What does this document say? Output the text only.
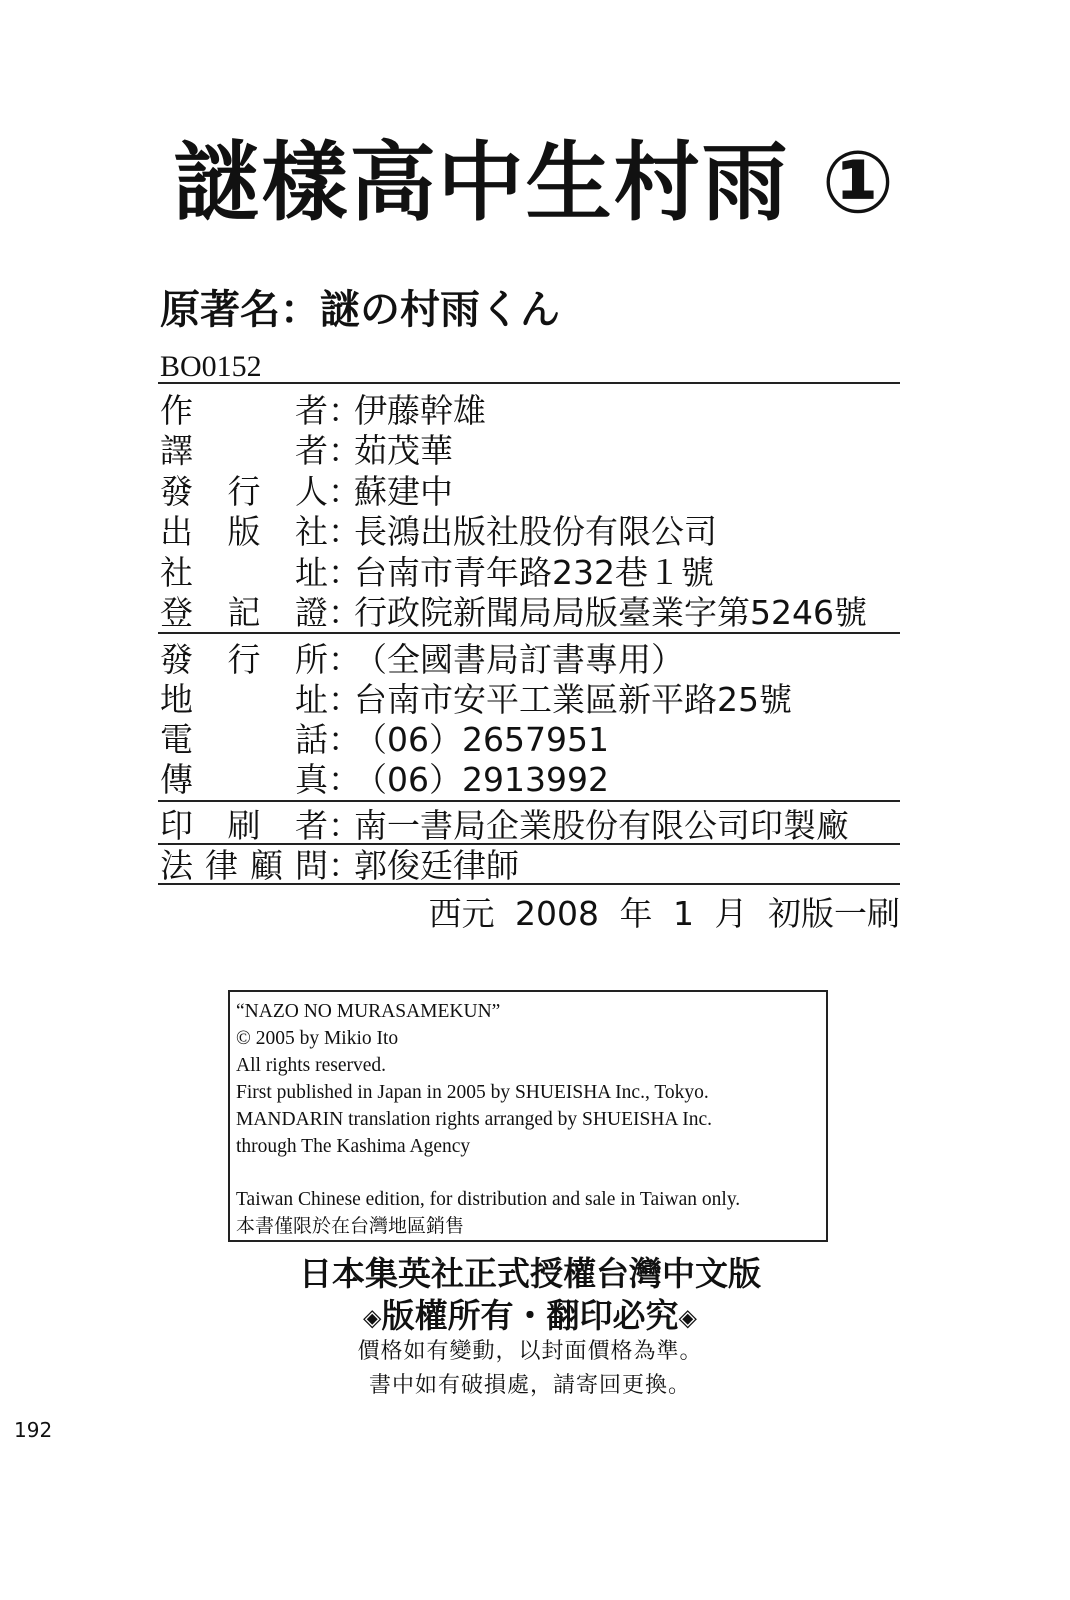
謎樣高中生村雨 ①
原著名：謎の村雨くん
BO0152
作	者 ：
伊藤幹雄
譯	者 ：
茹茂華
發 行 人 ：
蘇建中
出 版 社 ：
長鴻出版社股份有限公司
社	址 ：
台南市青年路232巷１號
登 記 證 ：
行政院新聞局局版臺業字第5246號
發 行 所 ：
（全國書局訂書專用）
地	址 ：
台南市安平工業區新平路25號
電	話 ：
（06）2657951
傳	真 ：
（06）2913992
印 刷 者 ：
南一書局企業股份有限公司印製廠
法 律 顧 問 ：
郭俊廷律師
西元 2008 年 1 月 初版一刷
“NAZO NO MURASAMEKUN”
© 2005 by Mikio Ito
All rights reserved.
First published in Japan in 2005 by SHUEISHA Inc., Tokyo.
MANDARIN translation rights arranged by SHUEISHA Inc.
through The Kashima Agency
Taiwan Chinese edition, for distribution and sale in Taiwan only.
本書僅限於在台灣地區銷售
日本集英社正式授權台灣中文版
◈版權所有・翻印必究◈
價格如有變動，以封面價格為準。
書中如有破損處，請寄回更換。
192
